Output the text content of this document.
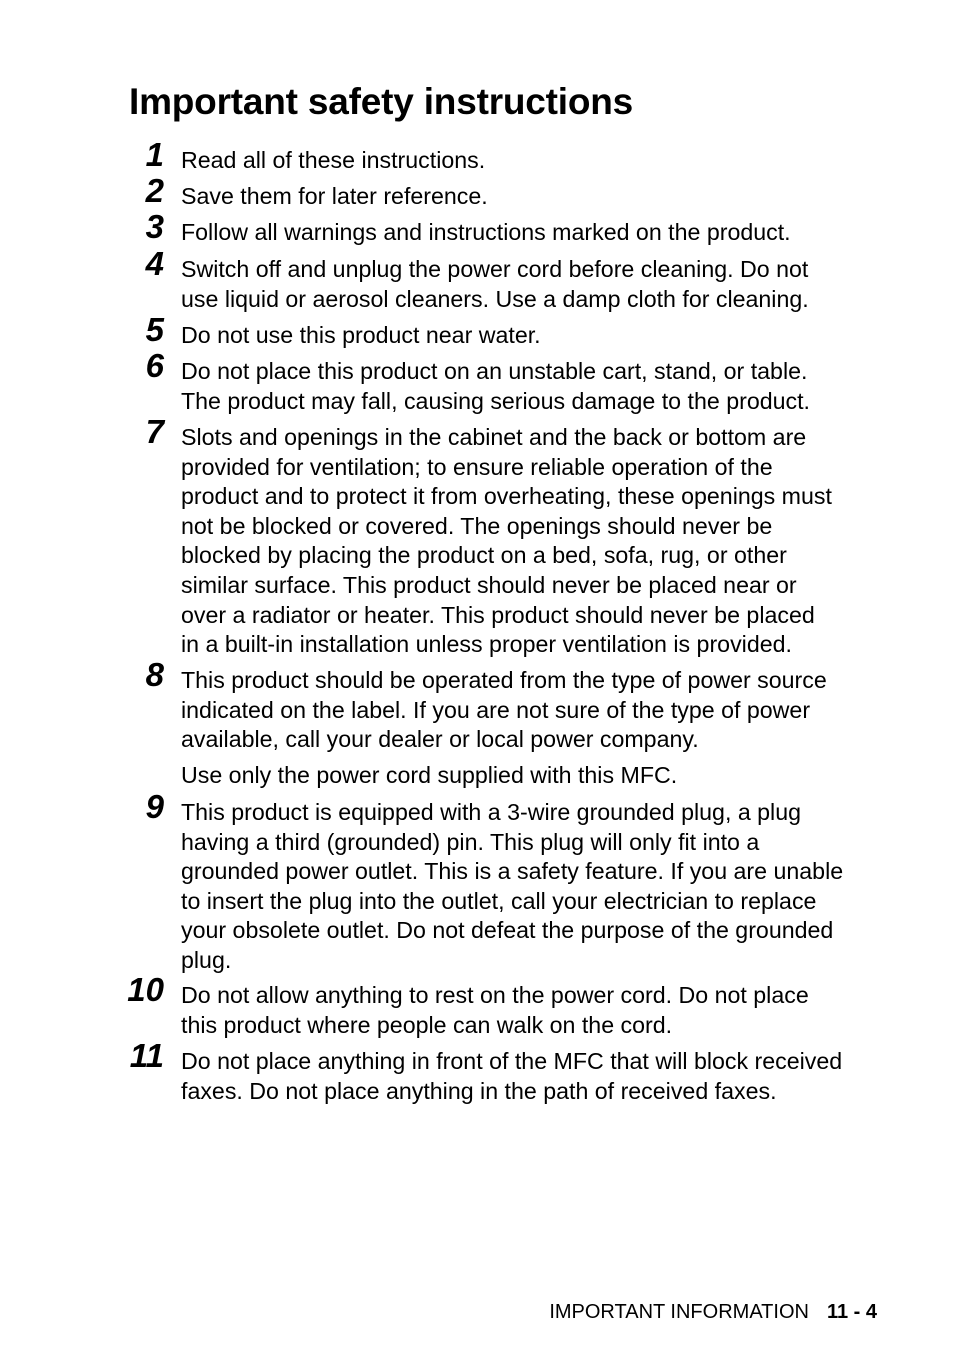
Important safety instructions
1 Read all of these instructions.

2 Save them for later reference.

3 Follow all warnings and instructions marked on the product.

4 Switch off and unplug the power cord before cleaning. Do not
use liquid or aerosol cleaners. Use a damp cloth for cleaning.

5 Do not use this product near water.

6 Do not place this product on an unstable cart, stand, or table.
The product may fall, causing serious damage to the product.

7 Slots and openings in the cabinet and the back or bottom are
provided for ventilation; to ensure reliable operation of the
product and to protect it from overheating, these openings must
not be blocked or covered. The openings should never be
blocked by placing the product on a bed, sofa, rug, or other
similar surface. This product should never be placed near or
over a radiator or heater. This product should never be placed
in a built-in installation unless proper ventilation is provided.

8 This product should be operated from the type of power source
indicated on the label. If you are not sure of the type of power
available, call your dealer or local power company.

Use only the power cord supplied with this MFC.

9 This product is equipped with a 3-wire grounded plug, a plug
having a third (grounded) pin. This plug will only fit into a
grounded power outlet. This is a safety feature. If you are unable
to insert the plug into the outlet, call your electrician to replace
your obsolete outlet. Do not defeat the purpose of the grounded
plug.

10 Do not allow anything to rest on the power cord. Do not place
this product where people can walk on the cord.

11 Do not place anything in front of the MFC that will block received
faxes. Do not place anything in the path of received faxes.

IMPORTANT INFORMATION 11 - 4
